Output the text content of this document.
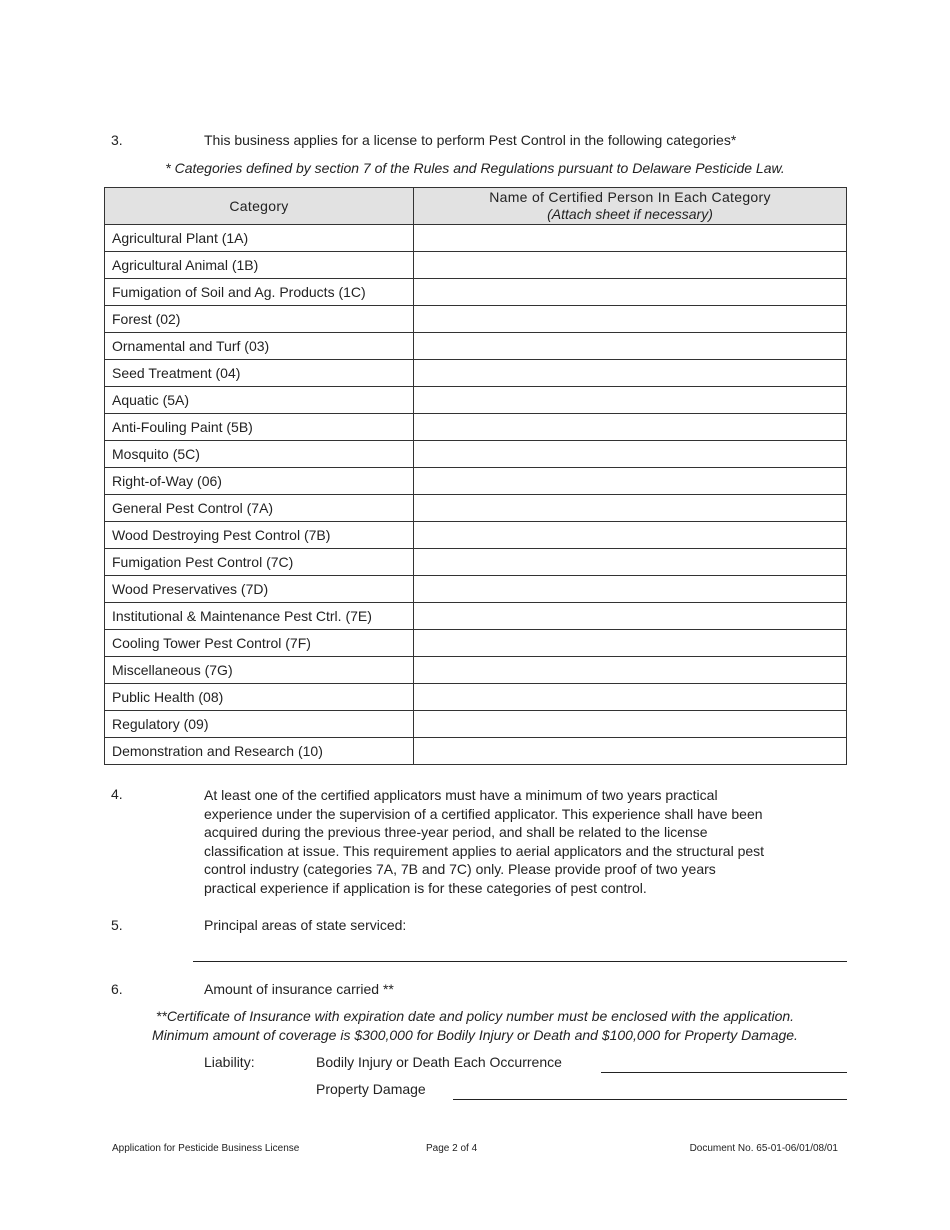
3.	This business applies for a license to perform Pest Control in the following categories*
* Categories defined by section 7 of the Rules and Regulations pursuant to Delaware Pesticide Law.
Category	Name of Certified Person In Each Category
(Attach sheet if necessary)

Agricultural Plant (1A)	
Agricultural Animal (1B)	
Fumigation of Soil and Ag. Products (1C)	
Forest (02)	
Ornamental and Turf (03)	
Seed Treatment (04)	
Aquatic (5A)	
Anti-Fouling Paint (5B)	
Mosquito (5C)	
Right-of-Way (06)	
General Pest Control (7A)	
Wood Destroying Pest Control (7B)	
Fumigation Pest Control (7C)	
Wood Preservatives (7D)	
Institutional & Maintenance Pest Ctrl. (7E)	
Cooling Tower Pest Control (7F)	
Miscellaneous (7G)	
Public Health (08)	
Regulatory (09)	
Demonstration and Research (10)	
4.	At least one of the certified applicators must have a minimum of two years practical
experience under the supervision of a certified applicator. This experience shall have been
acquired during the previous three-year period, and shall be related to the license
classification at issue. This requirement applies to aerial applicators and the structural pest
control industry (categories 7A, 7B and 7C) only. Please provide proof of two years
practical experience if application is for these categories of pest control.
5.	Principal areas of state serviced:
6.	Amount of insurance carried **
**Certificate of Insurance with expiration date and policy number must be enclosed with the application.
Minimum amount of coverage is $300,000 for Bodily Injury or Death and $100,000 for Property Damage.
Liability:	Bodily Injury or Death Each Occurrence
Property Damage
Application for Pesticide Business License	Page 2 of 4	Document No. 65-01-06/01/08/01
